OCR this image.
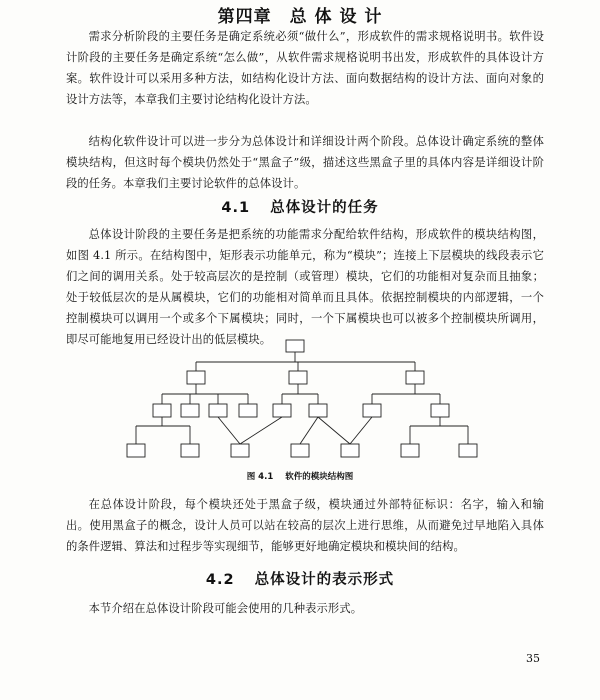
第四章　总 体 设 计

需求分析阶段的主要任务是确定系统必须“做什么”，形成软件的需求规格说明书。软件设计阶段的主要任务是确定系统“怎么做”，从软件需求规格说明书出发，形成软件的具体设计方案。软件设计可以采用多种方法，如结构化设计方法、面向数据结构的设计方法、面向对象的设计方法等，本章我们主要讨论结构化设计方法。

结构化软件设计可以进一步分为总体设计和详细设计两个阶段。总体设计确定系统的整体模块结构，但这时每个模块仍然处于“黑盒子”级，描述这些黑盒子里的具体内容是详细设计阶段的任务。本章我们主要讨论软件的总体设计。

4.1 总体设计的任务

总体设计阶段的主要任务是把系统的功能需求分配给软件结构，形成软件的模块结构图，如图 4.1 所示。在结构图中，矩形表示功能单元，称为“模块”；连接上下层模块的线段表示它们之间的调用关系。处于较高层次的是控制（或管理）模块，它们的功能相对复杂而且抽象；处于较低层次的是从属模块，它们的功能相对简单而且具体。依据控制模块的内部逻辑，一个控制模块可以调用一个或多个下属模块；同时，一个下属模块也可以被多个控制模块所调用，即尽可能地复用已经设计出的低层模块。

图 4.1 软件的模块结构图

在总体设计阶段，每个模块还处于黑盒子级，模块通过外部特征标识：名字，输入和输出。使用黑盒子的概念，设计人员可以站在较高的层次上进行思维，从而避免过早地陷入具体的条件逻辑、算法和过程步等实现细节，能够更好地确定模块和模块间的结构。

4.2 总体设计的表示形式

本节介绍在总体设计阶段可能会使用的几种表示形式。

35
